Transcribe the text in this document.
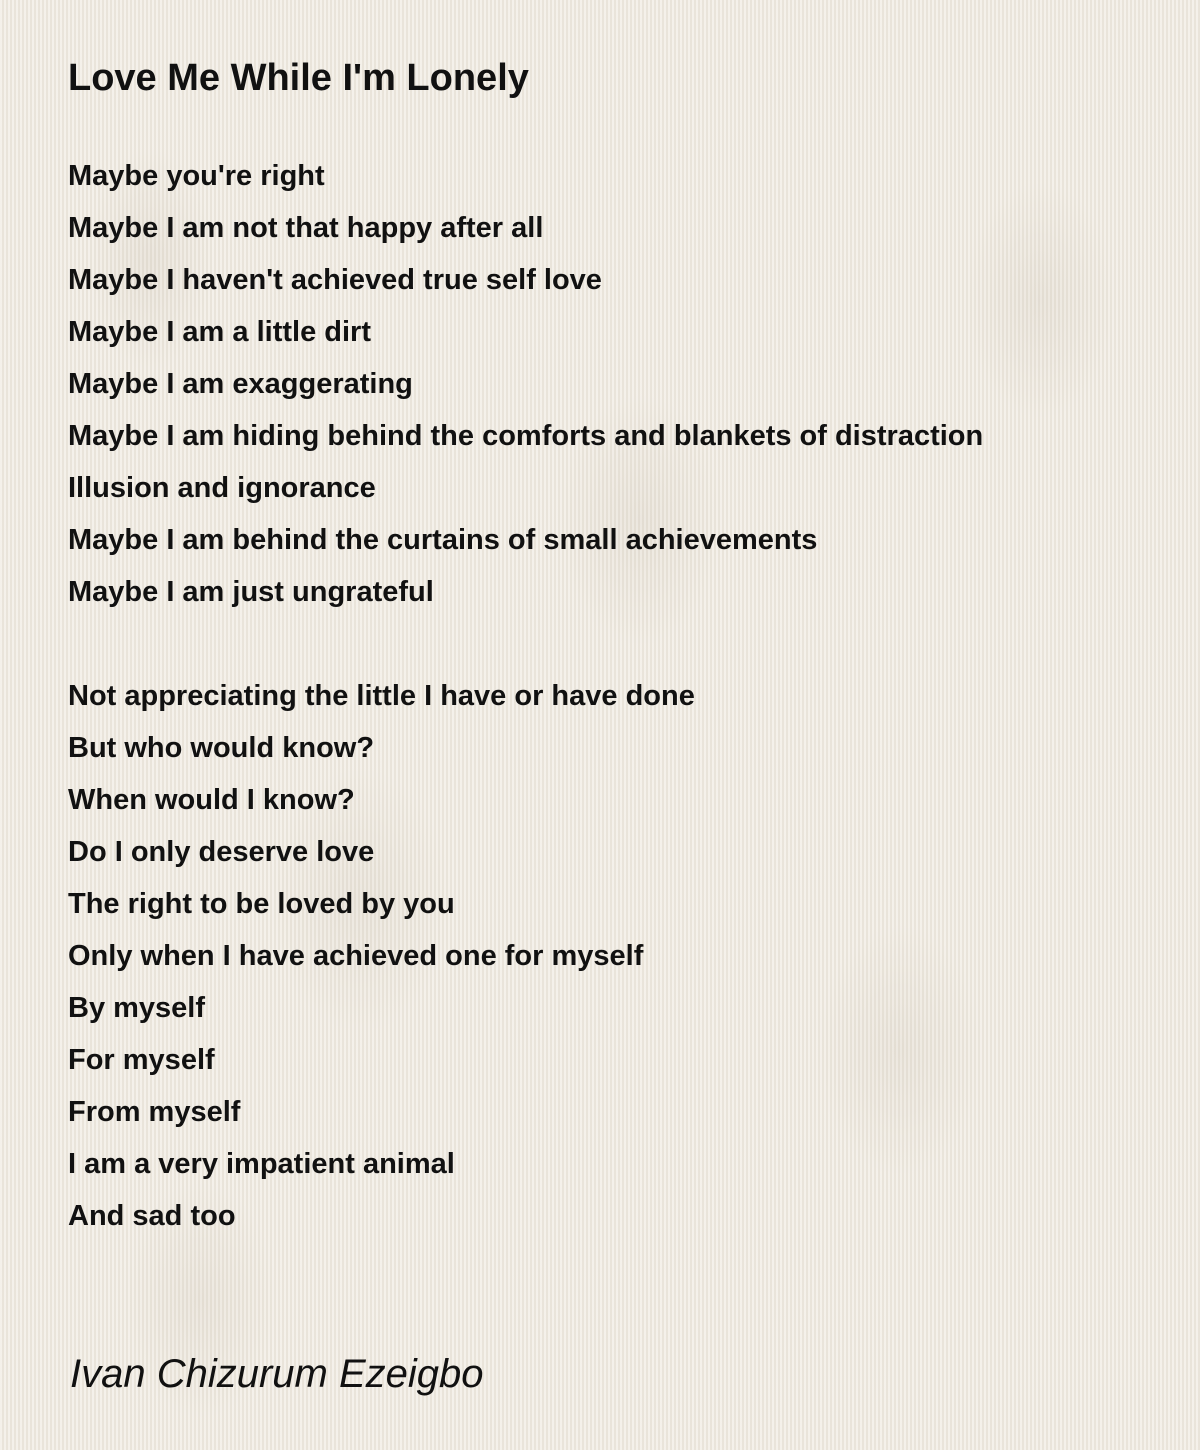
Love Me While I'm Lonely
Maybe you're right
Maybe I am not that happy after all
Maybe I haven't achieved true self love
Maybe I am a little dirt
Maybe I am exaggerating
Maybe I am hiding behind the comforts and blankets of distraction
Illusion and ignorance
Maybe I am behind the curtains of small achievements
Maybe I am just ungrateful
Not appreciating the little I have or have done
But who would know?
When would I know?
Do I only deserve love
The right to be loved by you
Only when I have achieved one for myself
By myself
For myself
From myself
I am a very impatient animal
And sad too

Ivan Chizurum Ezeigbo
